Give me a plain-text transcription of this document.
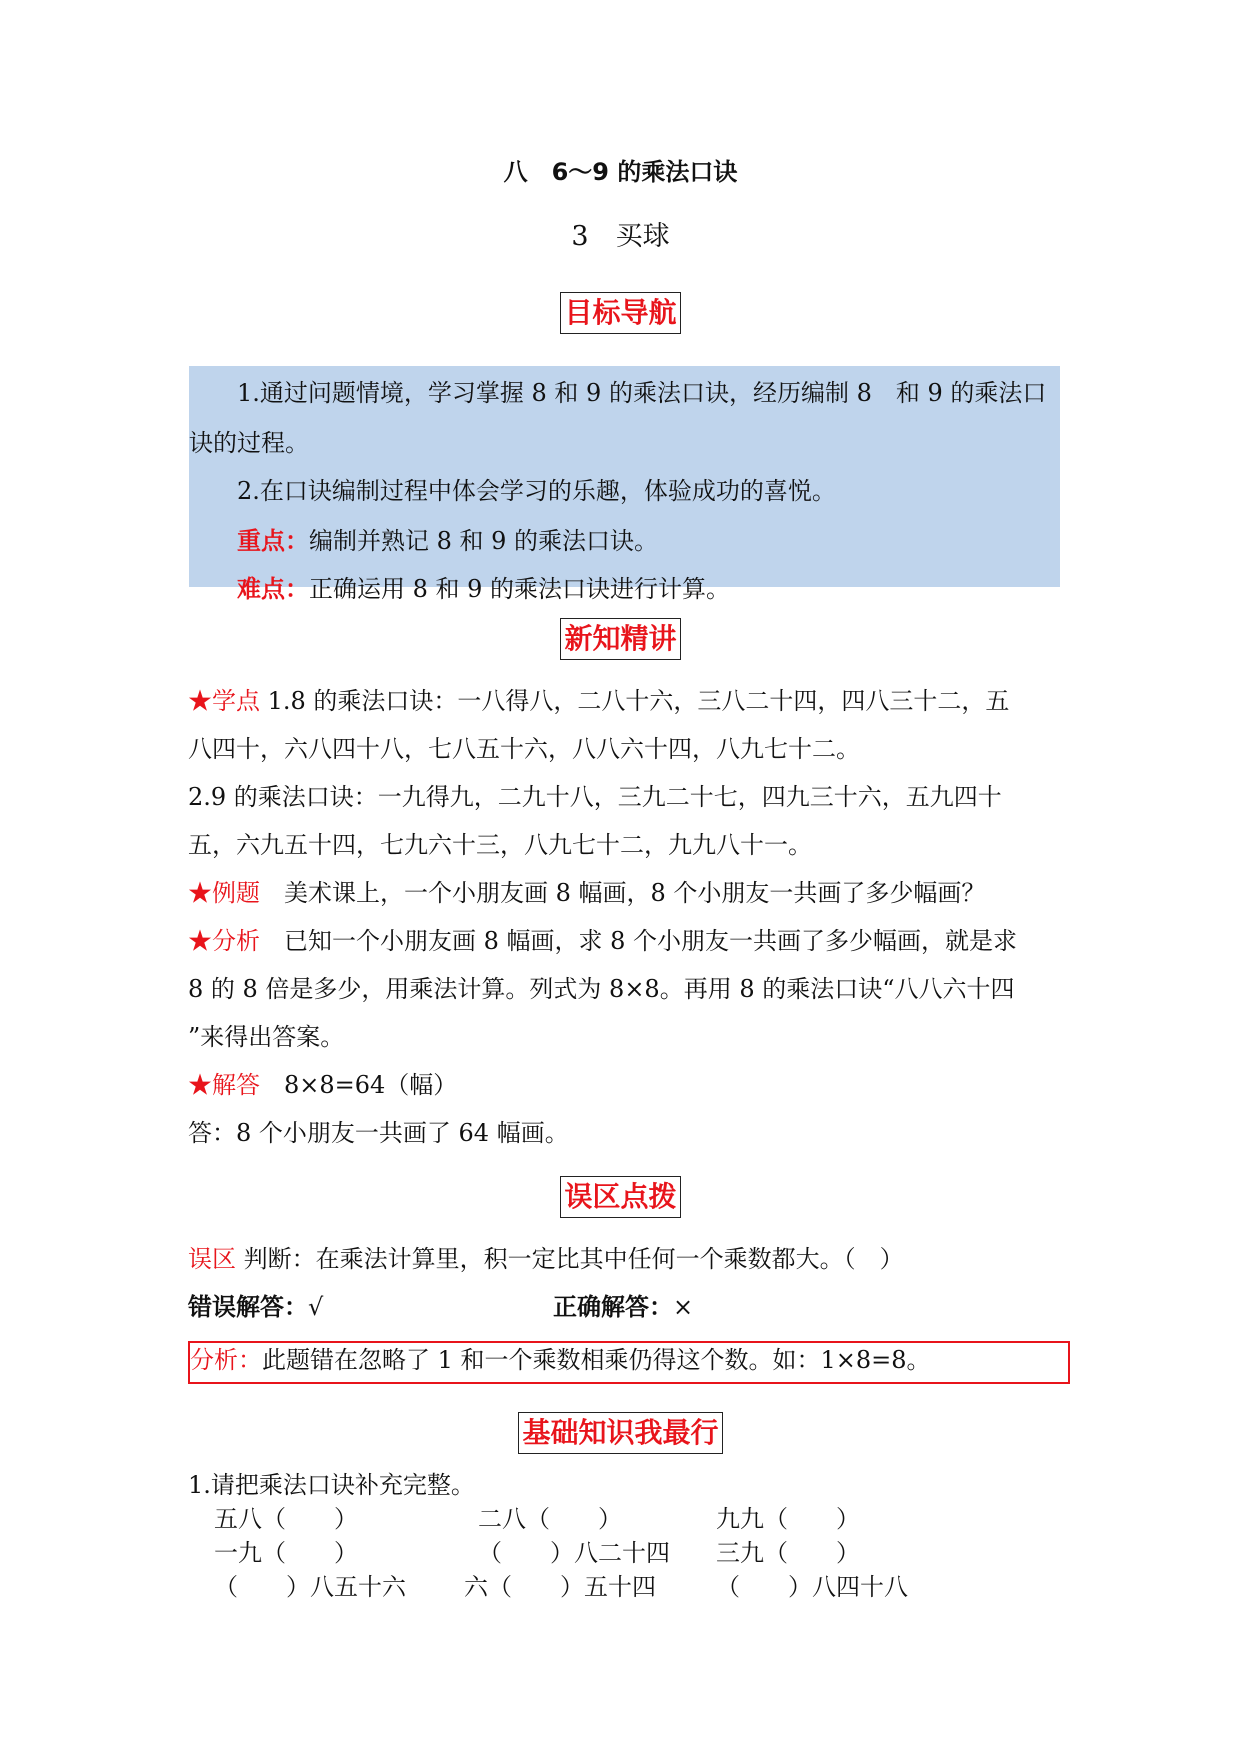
八　6～9 的乘法口诀
3　买球
目标导航
1.通过问题情境，学习掌握 8 和 9 的乘法口诀，经历编制 8　和 9 的乘法口
诀的过程。
2.在口诀编制过程中体会学习的乐趣，体验成功的喜悦。
重点：编制并熟记 8 和 9 的乘法口诀。
难点：正确运用 8 和 9 的乘法口诀进行计算。
新知精讲
★学点 1.8 的乘法口诀：一八得八，二八十六，三八二十四，四八三十二，五
八四十，六八四十八，七八五十六，八八六十四，八九七十二。
2.9 的乘法口诀：一九得九，二九十八，三九二十七，四九三十六，五九四十
五，六九五十四，七九六十三，八九七十二，九九八十一。
★例题　美术课上，一个小朋友画 8 幅画，8 个小朋友一共画了多少幅画？
★分析　已知一个小朋友画 8 幅画，求 8 个小朋友一共画了多少幅画，就是求
8 的 8 倍是多少，用乘法计算。列式为 8×8。再用 8 的乘法口诀“八八六十四
”来得出答案。
★解答　8×8=64（幅）
答：8 个小朋友一共画了 64 幅画。
误区点拨
误区 判断：在乘法计算里，积一定比其中任何一个乘数都大。（　）
错误解答：√	正确解答：×
分析：此题错在忽略了 1 和一个乘数相乘仍得这个数。如：1×8=8。
基础知识我最行
1.请把乘法口诀补充完整。
五八（　　）	二八（　　）	九九（　　）
一九（　　）	（　　）八二十四 三九（　　）
（　　）八五十六 六（　　）五十四	（　　）八四十八
